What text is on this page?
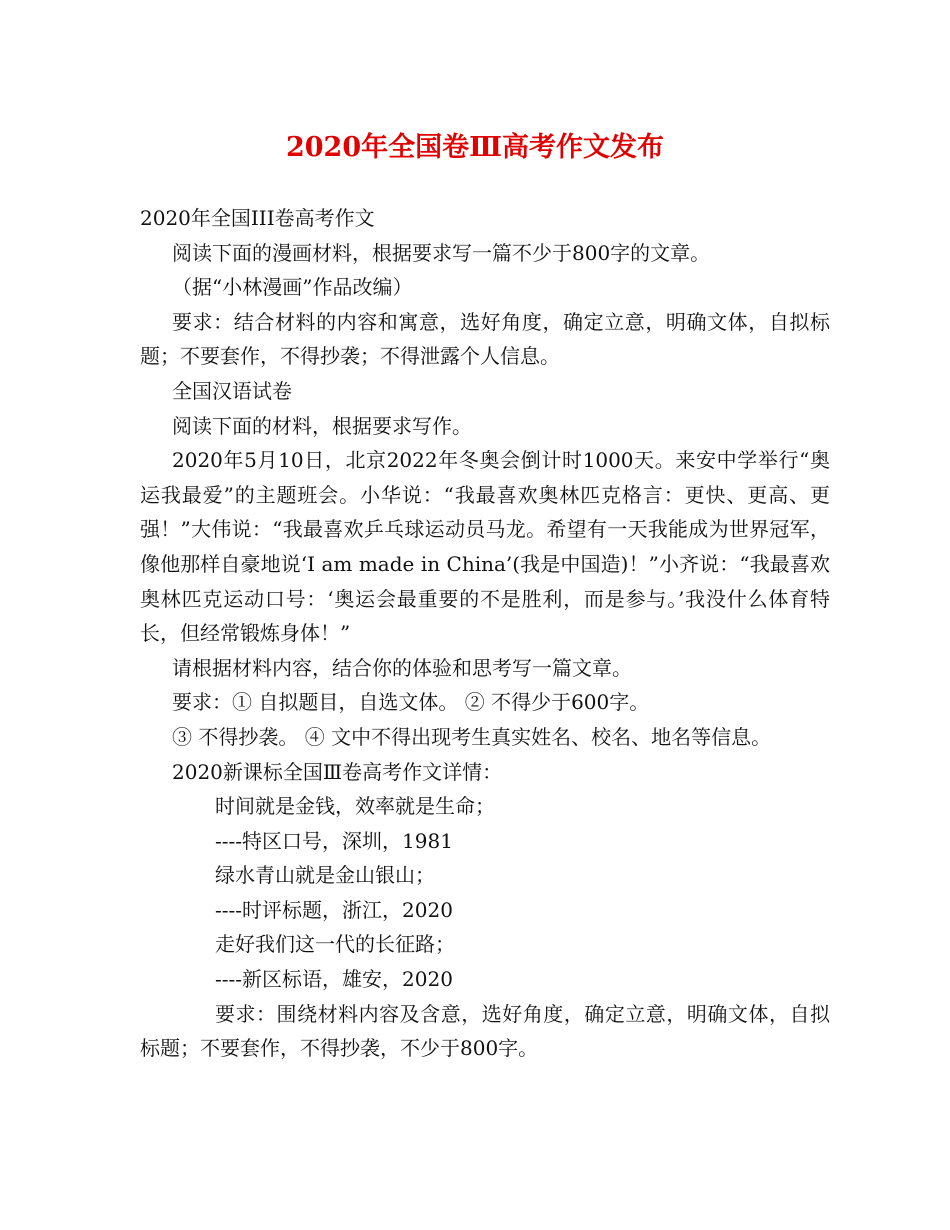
2020年全国卷Ⅲ高考作文发布

2020年全国III卷高考作文

阅读下面的漫画材料，根据要求写一篇不少于800字的文章。

（据“小林漫画”作品改编）

要求：结合材料的内容和寓意，选好角度，确定立意，明确文体，自拟标题；不要套作，不得抄袭；不得泄露个人信息。

全国汉语试卷

阅读下面的材料，根据要求写作。

2020年5月10日，北京2022年冬奥会倒计时1000天。来安中学举行“奥运我最爱”的主题班会。小华说：“我最喜欢奥林匹克格言：更快、更高、更强！”大伟说：“我最喜欢乒乓球运动员马龙。希望有一天我能成为世界冠军，像他那样自豪地说‘I am made in China’(我是中国造)！”小齐说：“我最喜欢奥林匹克运动口号：‘奥运会最重要的不是胜利，而是参与。’我没什么体育特长，但经常锻炼身体！”

请根据材料内容，结合你的体验和思考写一篇文章。

要求：① 自拟题目，自选文体。 ② 不得少于600字。

③ 不得抄袭。 ④ 文中不得出现考生真实姓名、校名、地名等信息。

2020新课标全国Ⅲ卷高考作文详情：

时间就是金钱，效率就是生命；

----特区口号，深圳，1981

绿水青山就是金山银山；

----时评标题，浙江，2020

走好我们这一代的长征路；

----新区标语，雄安，2020

要求：围绕材料内容及含意，选好角度，确定立意，明确文体，自拟标题；不要套作，不得抄袭，不少于800字。
